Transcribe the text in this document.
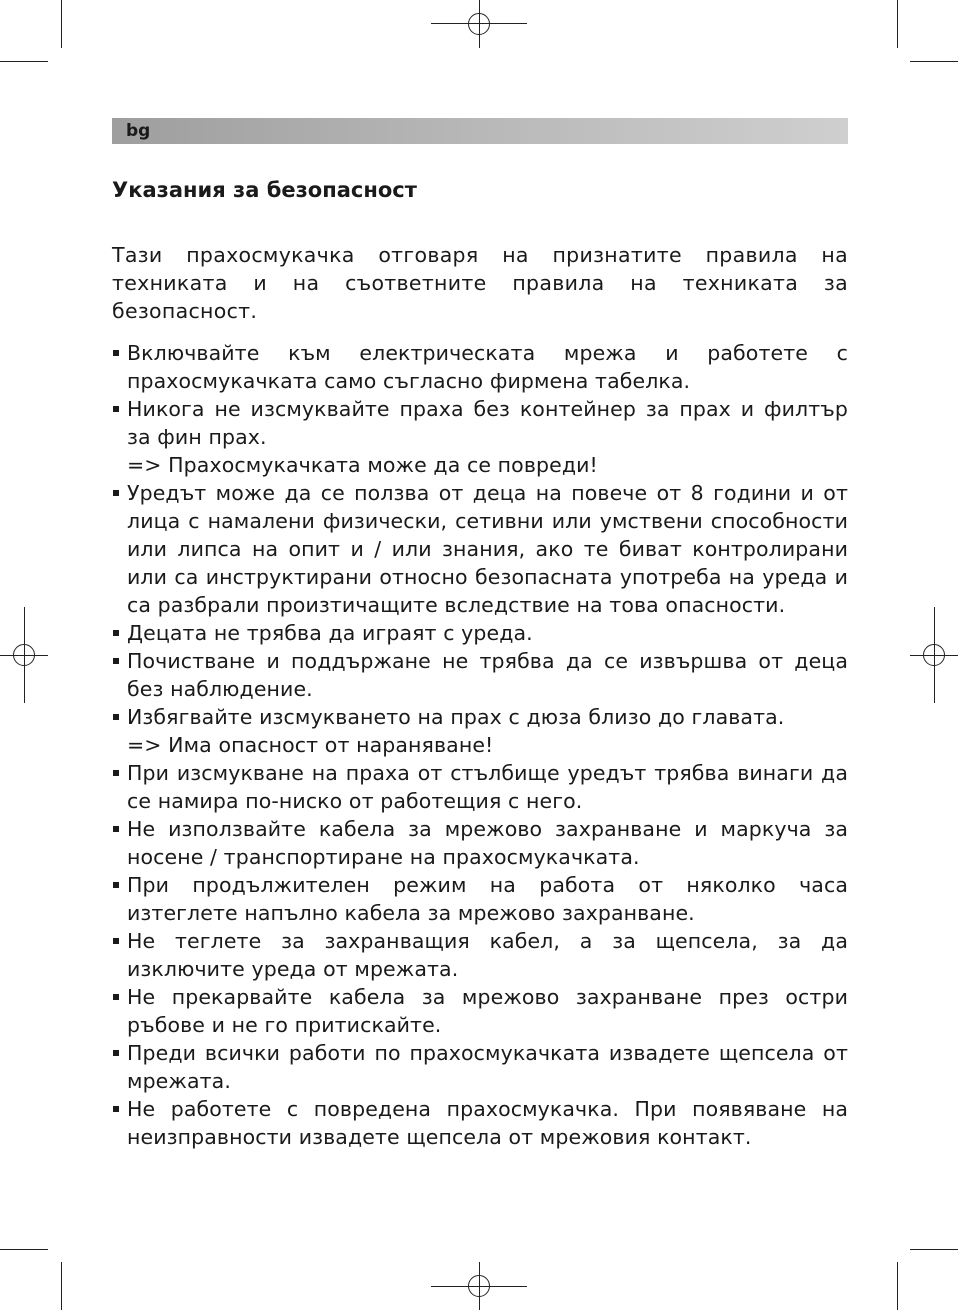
bg
Указания за безопасност

Тази прахосмукачка отговаря на признатите правила на техниката и на съответните правила на техниката за безопасност.

Включвайте към електрическата мрежа и работете с прахосмукачката само съгласно фирмена табелка.
Никога не изсмуквайте праха без контейнер за прах и филтър за фин прах.
=> Прахосмукачката може да се повреди!
Уредът може да се ползва от деца на повече от 8 години и от лица с намалени физически, сетивни или умствени способности или липса на опит и / или знания, ако те биват контролирани или са инструктирани относно безопасната употреба на уреда и са разбрали произтичащите вследствие на това опасности.
Децата не трябва да играят с уреда.
Почистване и поддържане не трябва да се извършва от деца без наблюдение.
Избягвайте изсмукването на прах с дюза близо до главата.
=> Има опасност от нараняване!
При изсмукване на праха от стълбище уредът трябва винаги да се намира по-ниско от работещия с него.
Не използвайте кабела за мрежово захранване и маркуча за носене / транспортиране на прахосмукачката.
При продължителен режим на работа от няколко часа изтеглете напълно кабела за мрежово захранване.
Не теглете за захранващия кабел, а за щепсела, за да изключите уреда от мрежата.
Не прекарвайте кабела за мрежово захранване през остри ръбове и не го притискайте.
Преди всички работи по прахосмукачката извадете щепсела от мрежата.
Не работете с повредена прахосмукачка. При появяване на неизправности извадете щепсела от мрежовия контакт.
